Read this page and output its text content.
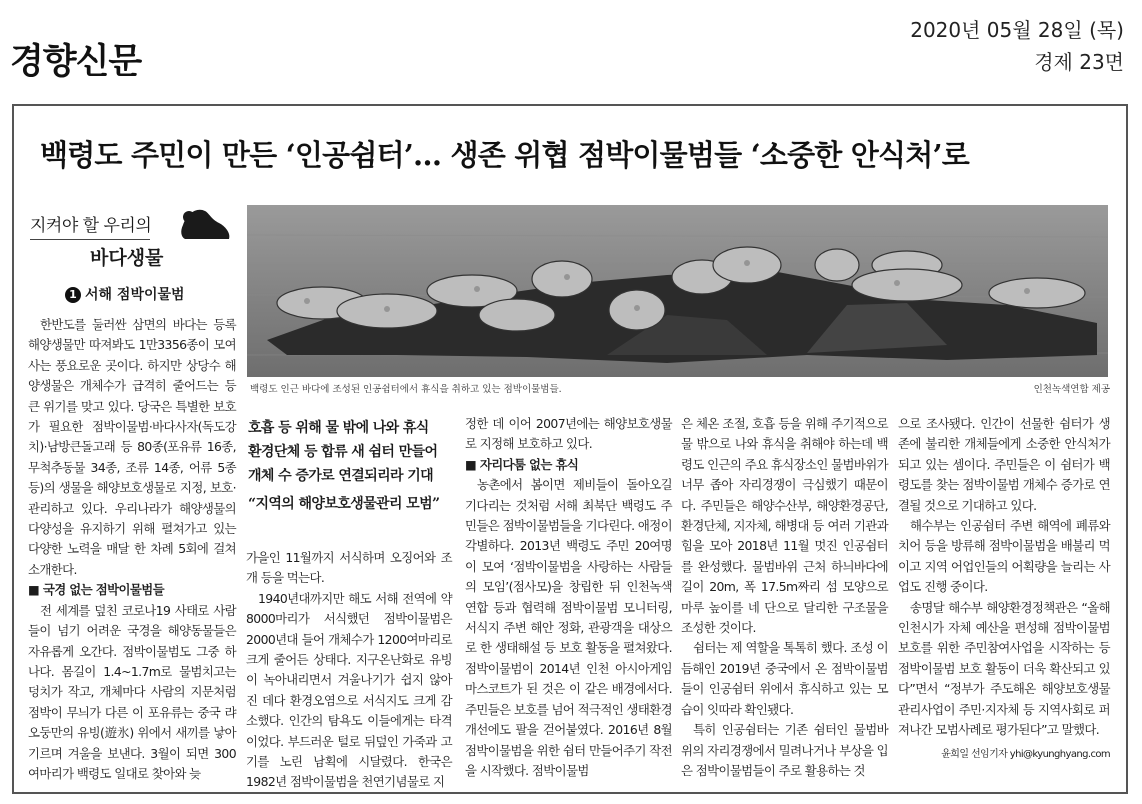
경향신문
2020년 05월 28일 (목)
경제 23면
백령도 주민이 만든 ‘인공쉼터’… 생존 위협 점박이물범들 ‘소중한 안식처’로
지켜야 할 우리의
바다생물
1 서해 점박이물범
백령도 인근 바다에 조성된 인공쉼터에서 휴식을 취하고 있는 점박이물범들.	인천녹색연합 제공

한반도를 둘러싼 삼면의 바다는 등록 해양생물만 따져봐도 1만3356종이 모여 사는 풍요로운 곳이다. 하지만 상당수 해양생물은 개체수가 급격히 줄어드는 등 큰 위기를 맞고 있다. 당국은 특별한 보호가 필요한 점박이물범·바다사자(독도강치)·남방큰돌고래 등 80종(포유류 16종, 무척추동물 34종, 조류 14종, 어류 5종 등)의 생물을 해양보호생물로 지정, 보호·관리하고 있다. 우리나라가 해양생물의 다양성을 유지하기 위해 펼쳐가고 있는 다양한 노력을 매달 한 차례 5회에 걸쳐 소개한다.

■ 국경 없는 점박이물범들

전 세계를 덮친 코로나19 사태로 사람들이 넘기 어려운 국경을 해양동물들은 자유롭게 오간다. 점박이물범도 그중 하나다. 몸길이 1.4~1.7m로 물범치고는 덩치가 작고, 개체마다 사람의 지문처럼 점박이 무늬가 다른 이 포유류는 중국 랴오둥만의 유빙(遊氷) 위에서 새끼를 낳아 기르며 겨울을 보낸다. 3월이 되면 300여마리가 백령도 일대로 찾아와 늦

호흡 등 위해 물 밖에 나와 휴식
환경단체 등 합류 새 쉼터 만들어
개체 수 증가로 연결되리라 기대
“지역의 해양보호생물관리 모범”

가을인 11월까지 서식하며 오징어와 조개 등을 먹는다.

1940년대까지만 해도 서해 전역에 약 8000마리가 서식했던 점박이물범은 2000년대 들어 개체수가 1200여마리로 크게 줄어든 상태다. 지구온난화로 유빙이 녹아내리면서 겨울나기가 쉽지 않아진 데다 환경오염으로 서식지도 크게 감소했다. 인간의 탐욕도 이들에게는 타격이었다. 부드러운 털로 뒤덮인 가죽과 고기를 노린 남획에 시달렸다. 한국은 1982년 점박이물범을 천연기념물로 지

정한 데 이어 2007년에는 해양보호생물로 지정해 보호하고 있다.

■ 자리다툼 없는 휴식

농촌에서 봄이면 제비들이 돌아오길 기다리는 것처럼 서해 최북단 백령도 주민들은 점박이물범들을 기다린다. 애정이 각별하다. 2013년 백령도 주민 20여명이 모여 ‘점박이물범을 사랑하는 사람들의 모임’(점사모)을 창립한 뒤 인천녹색연합 등과 협력해 점박이물범 모니터링, 서식지 주변 해안 정화, 관광객을 대상으로 한 생태해설 등 보호 활동을 펼쳐왔다. 점박이물범이 2014년 인천 아시아게임 마스코트가 된 것은 이 같은 배경에서다. 주민들은 보호를 넘어 적극적인 생태환경 개선에도 팔을 걷어붙였다. 2016년 8월 점박이물범을 위한 쉼터 만들어주기 작전을 시작했다. 점박이물범

은 체온 조절, 호흡 등을 위해 주기적으로 물 밖으로 나와 휴식을 취해야 하는데 백령도 인근의 주요 휴식장소인 물범바위가 너무 좁아 자리경쟁이 극심했기 때문이다. 주민들은 해양수산부, 해양환경공단, 환경단체, 지자체, 해병대 등 여러 기관과 힘을 모아 2018년 11월 멋진 인공쉼터를 완성했다. 물범바위 근처 하늬바다에 길이 20m, 폭 17.5m짜리 섬 모양으로 마루 높이를 네 단으로 달리한 구조물을 조성한 것이다.

쉼터는 제 역할을 톡톡히 했다. 조성 이듬해인 2019년 중국에서 온 점박이물범들이 인공쉼터 위에서 휴식하고 있는 모습이 잇따라 확인됐다.

특히 인공쉼터는 기존 쉼터인 물범바위의 자리경쟁에서 밀려나거나 부상을 입은 점박이물범들이 주로 활용하는 것

으로 조사됐다. 인간이 선물한 쉼터가 생존에 불리한 개체들에게 소중한 안식처가 되고 있는 셈이다. 주민들은 이 쉼터가 백령도를 찾는 점박이물범 개체수 증가로 연결될 것으로 기대하고 있다.

해수부는 인공쉼터 주변 해역에 폐류와 치어 등을 방류해 점박이물범을 배불리 먹이고 지역 어업인들의 어획량을 늘리는 사업도 진행 중이다.

송명달 해수부 해양환경정책관은 “올해 인천시가 자체 예산을 편성해 점박이물범 보호를 위한 주민참여사업을 시작하는 등 점박이물범 보호 활동이 더욱 확산되고 있다”면서 “정부가 주도해온 해양보호생물관리사업이 주민·지자체 등 지역사회로 퍼져나간 모범사례로 평가된다”고 말했다.

윤희일 선임기자 yhi@kyunghyang.com
